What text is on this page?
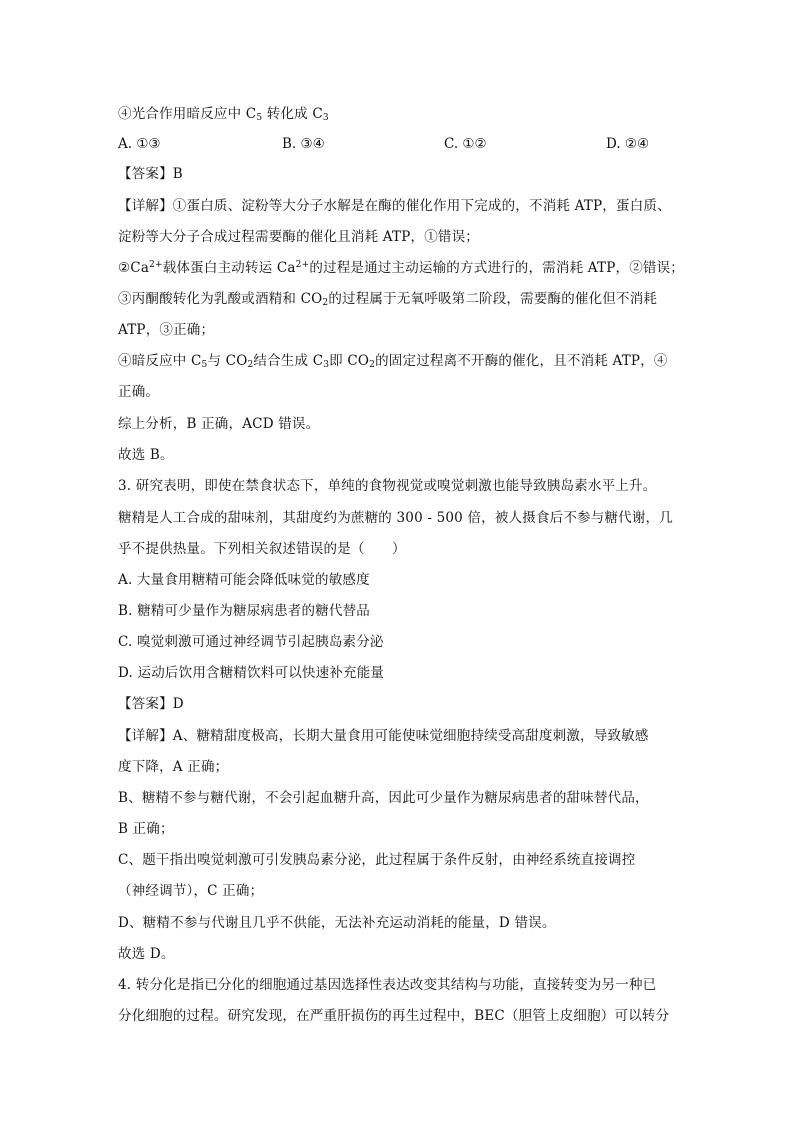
④光合作用暗反应中 $C_5$ 转化成 $C_3$
A. ①③	B. ③④	C. ①②	D. ②④
【答案】B
【详解】①蛋白质、淀粉等大分子水解是在酶的催化作用下完成的，不消耗 ATP，蛋白质、
淀粉等大分子合成过程需要酶的催化且消耗 ATP，①错误；
$②Ca^{2+}$载体蛋白主动转运 $Ca^{2+}$的过程是通过主动运输的方式进行的，需消耗 ATP，②错误；
③丙酮酸转化为乳酸或酒精和 $CO_2$的过程属于无氧呼吸第二阶段，需要酶的催化但不消耗
ATP，③正确；
④暗反应中 $C_5$与 $CO_2$结合生成 $C_3$即 $CO_2$的固定过程离不开酶的催化，且不消耗 ATP，④
正确。
综上分析，B 正确，ACD 错误。
故选 B。
3. 研究表明，即使在禁食状态下，单纯的食物视觉或嗅觉刺激也能导致胰岛素水平上升。
糖精是人工合成的甜味剂，其甜度约为蔗糖的 300 - 500 倍，被人摄食后不参与糖代谢，几
乎不提供热量。下列相关叙述错误的是（　　）
A. 大量食用糖精可能会降低味觉的敏感度
B. 糖精可少量作为糖尿病患者的糖代替品
C. 嗅觉刺激可通过神经调节引起胰岛素分泌
D. 运动后饮用含糖精饮料可以快速补充能量
【答案】D
【详解】A、糖精甜度极高，长期大量食用可能使味觉细胞持续受高甜度刺激，导致敏感
度下降，A 正确；
B、糖精不参与糖代谢，不会引起血糖升高，因此可少量作为糖尿病患者的甜味替代品，
B 正确；
C、题干指出嗅觉刺激可引发胰岛素分泌，此过程属于条件反射，由神经系统直接调控
（神经调节），C 正确；
D、糖精不参与代谢且几乎不供能，无法补充运动消耗的能量，D 错误。
故选 D。
4. 转分化是指已分化的细胞通过基因选择性表达改变其结构与功能，直接转变为另一种已
分化细胞的过程。研究发现，在严重肝损伤的再生过程中，BEC（胆管上皮细胞）可以转分
